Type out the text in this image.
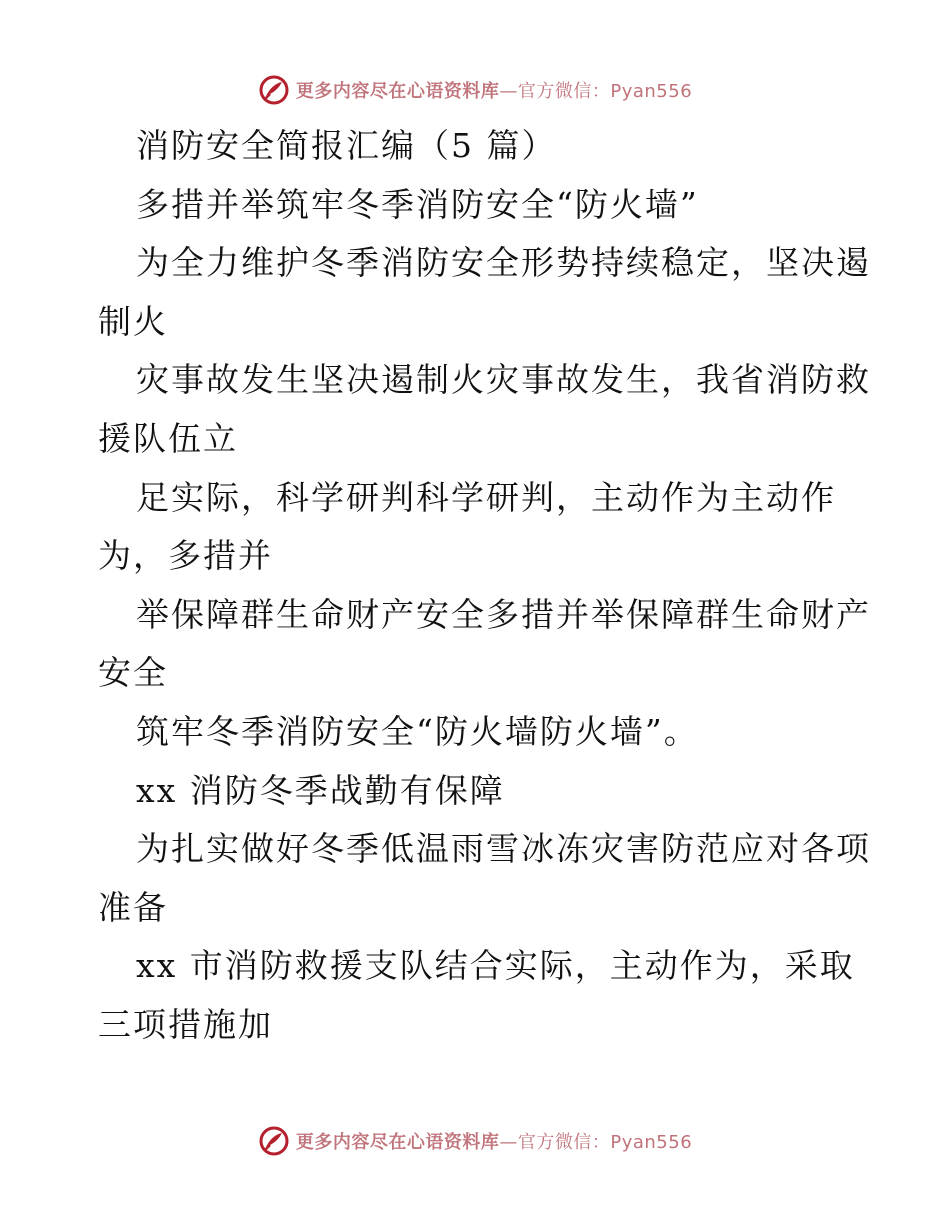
更多内容尽在心语资料库—官方微信：Pyan556
消防安全简报汇编（5 篇）
多措并举筑牢冬季消防安全“防火墙”
为全力维护冬季消防安全形势持续稳定，坚决遏
制火
灾事故发生坚决遏制火灾事故发生，我省消防救
援队伍立
足实际，科学研判科学研判，主动作为主动作
为，多措并
举保障群生命财产安全多措并举保障群生命财产
安全
筑牢冬季消防安全“防火墙防火墙”。
xx 消防冬季战勤有保障
为扎实做好冬季低温雨雪冰冻灾害防范应对各项
准备
xx 市消防救援支队结合实际，主动作为，采取
三项措施加
更多内容尽在心语资料库—官方微信：Pyan556
